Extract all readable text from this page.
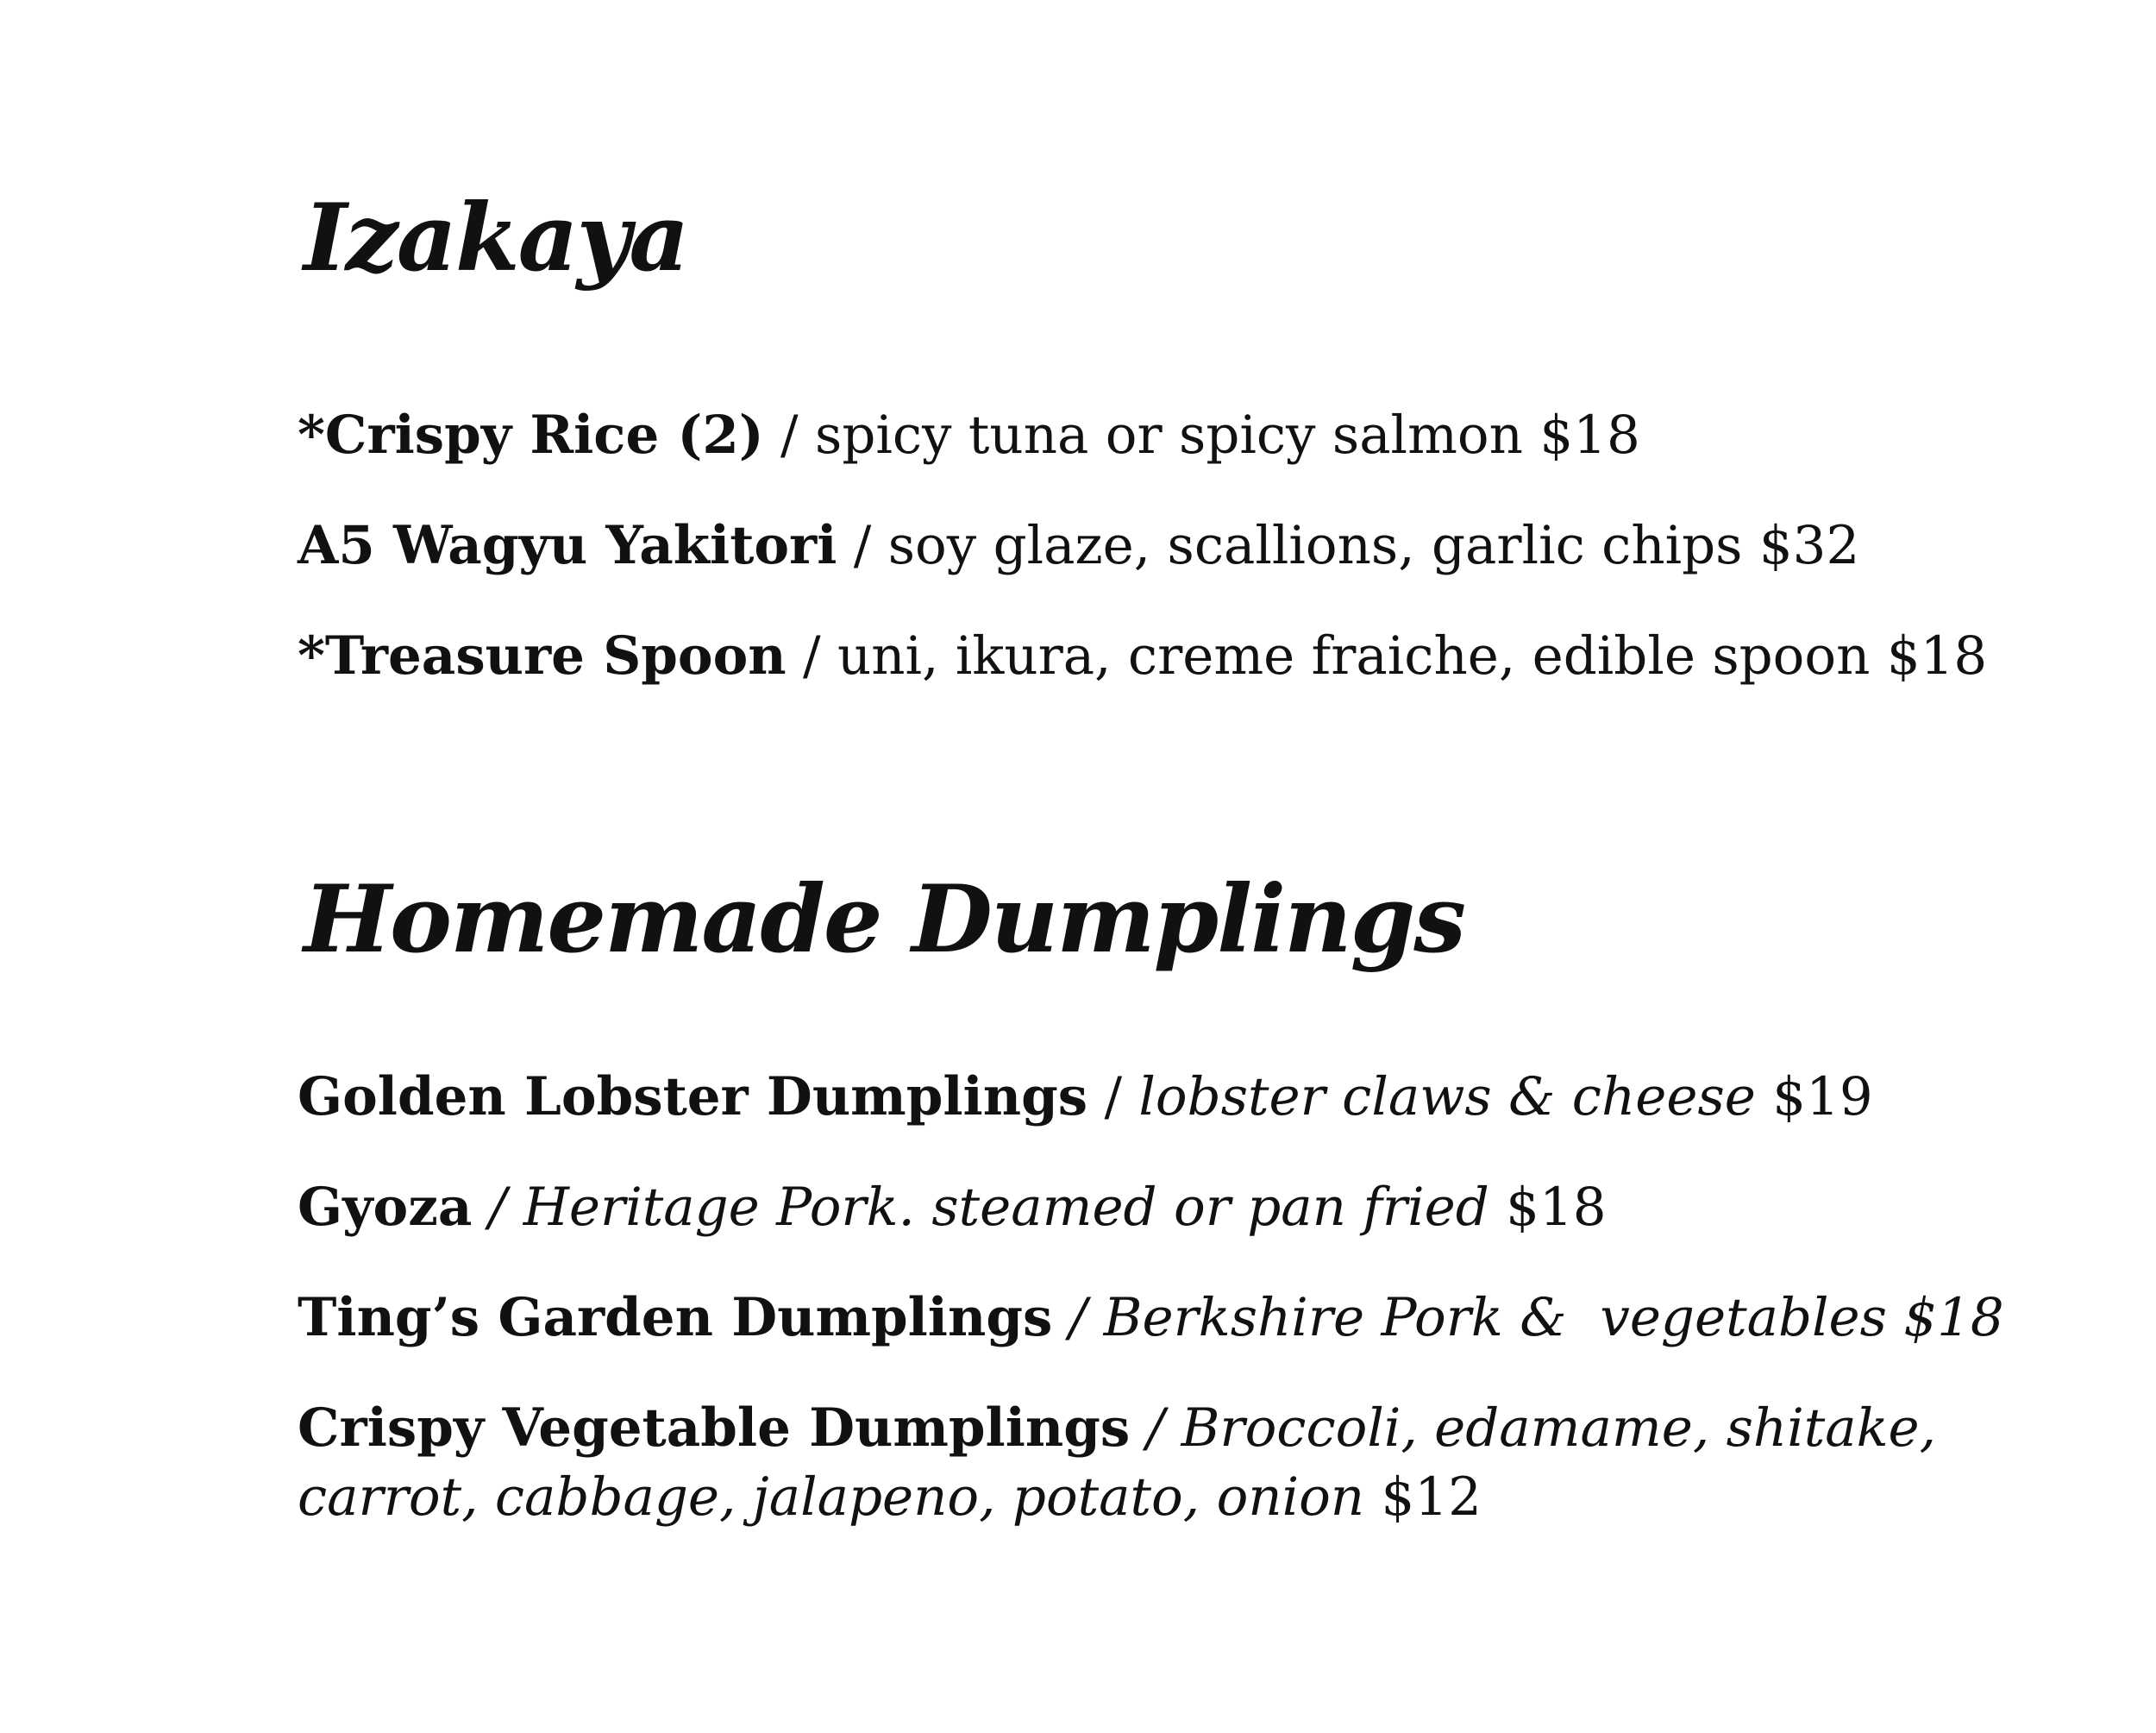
Izakaya

*Crispy Rice (2) / spicy tuna or spicy salmon $18

A5 Wagyu Yakitori / soy glaze, scallions, garlic chips $32

*Treasure Spoon / uni, ikura, creme fraiche, edible spoon $18

Homemade Dumplings

Golden Lobster Dumplings / lobster claws & cheese $19

Gyoza / Heritage Pork. steamed or pan fried $18

Ting’s Garden Dumplings / Berkshire Pork &  vegetables $18

Crispy Vegetable Dumplings / Broccoli, edamame, shitake,
carrot, cabbage, jalapeno, potato, onion $12
